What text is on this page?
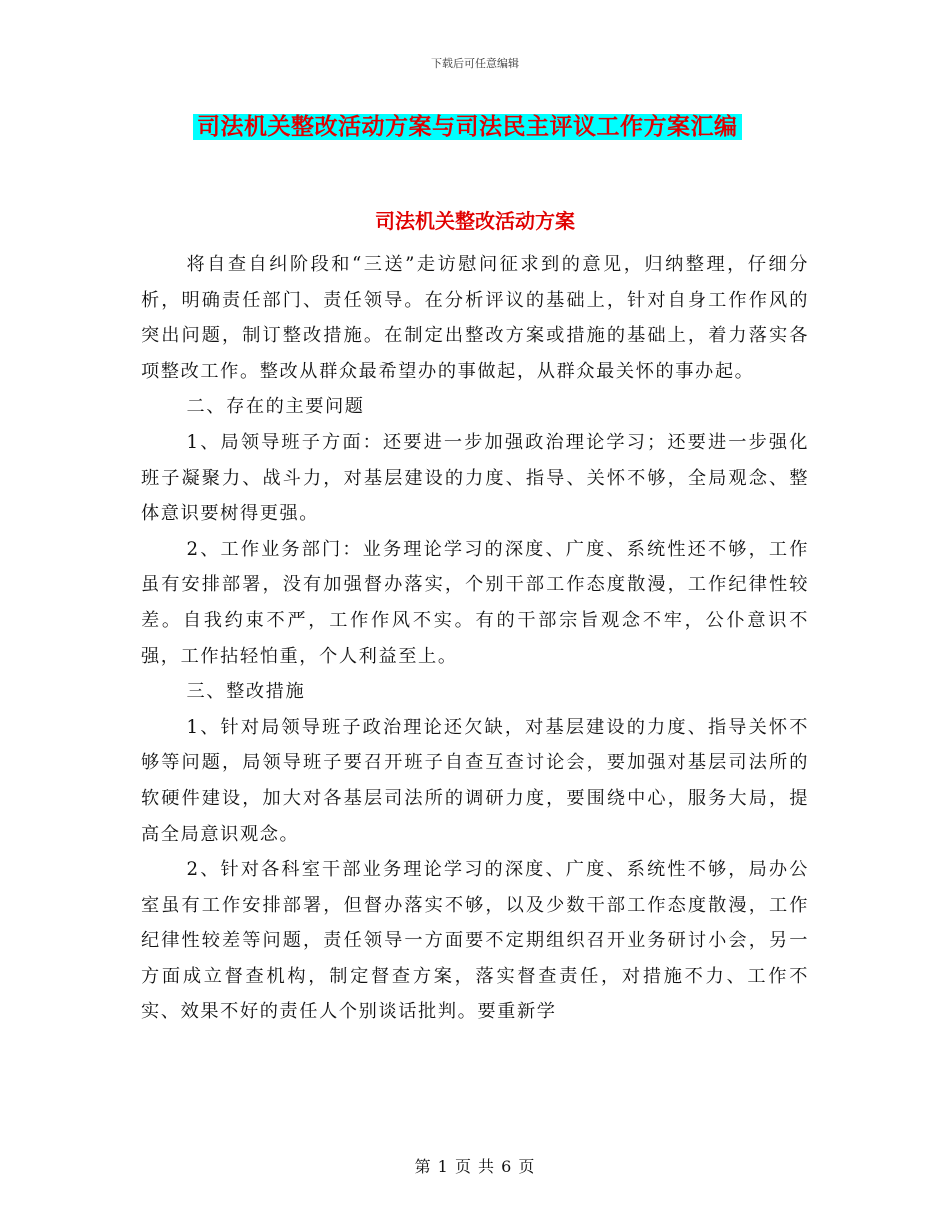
下载后可任意编辑
司法机关整改活动方案与司法民主评议工作方案汇编
司法机关整改活动方案

将自查自纠阶段和“三送”走访慰问征求到的意见，归纳整理，仔细分析，明确责任部门、责任领导。在分析评议的基础上，针对自身工作作风的突出问题，制订整改措施。在制定出整改方案或措施的基础上，着力落实各项整改工作。整改从群众最希望办的事做起，从群众最关怀的事办起。

二、存在的主要问题

1、局领导班子方面：还要进一步加强政治理论学习；还要进一步强化班子凝聚力、战斗力，对基层建设的力度、指导、关怀不够，全局观念、整体意识要树得更强。

2、工作业务部门：业务理论学习的深度、广度、系统性还不够，工作虽有安排部署，没有加强督办落实，个别干部工作态度散漫，工作纪律性较差。自我约束不严，工作作风不实。有的干部宗旨观念不牢，公仆意识不强，工作拈轻怕重，个人利益至上。

三、整改措施

1、针对局领导班子政治理论还欠缺，对基层建设的力度、指导关怀不够等问题，局领导班子要召开班子自查互查讨论会，要加强对基层司法所的软硬件建设，加大对各基层司法所的调研力度，要围绕中心，服务大局，提高全局意识观念。

2、针对各科室干部业务理论学习的深度、广度、系统性不够，局办公室虽有工作安排部署，但督办落实不够，以及少数干部工作态度散漫，工作纪律性较差等问题，责任领导一方面要不定期组织召开业务研讨小会，另一方面成立督查机构，制定督查方案，落实督查责任，对措施不力、工作不实、效果不好的责任人个别谈话批判。要重新学

第 1 页 共 6 页
